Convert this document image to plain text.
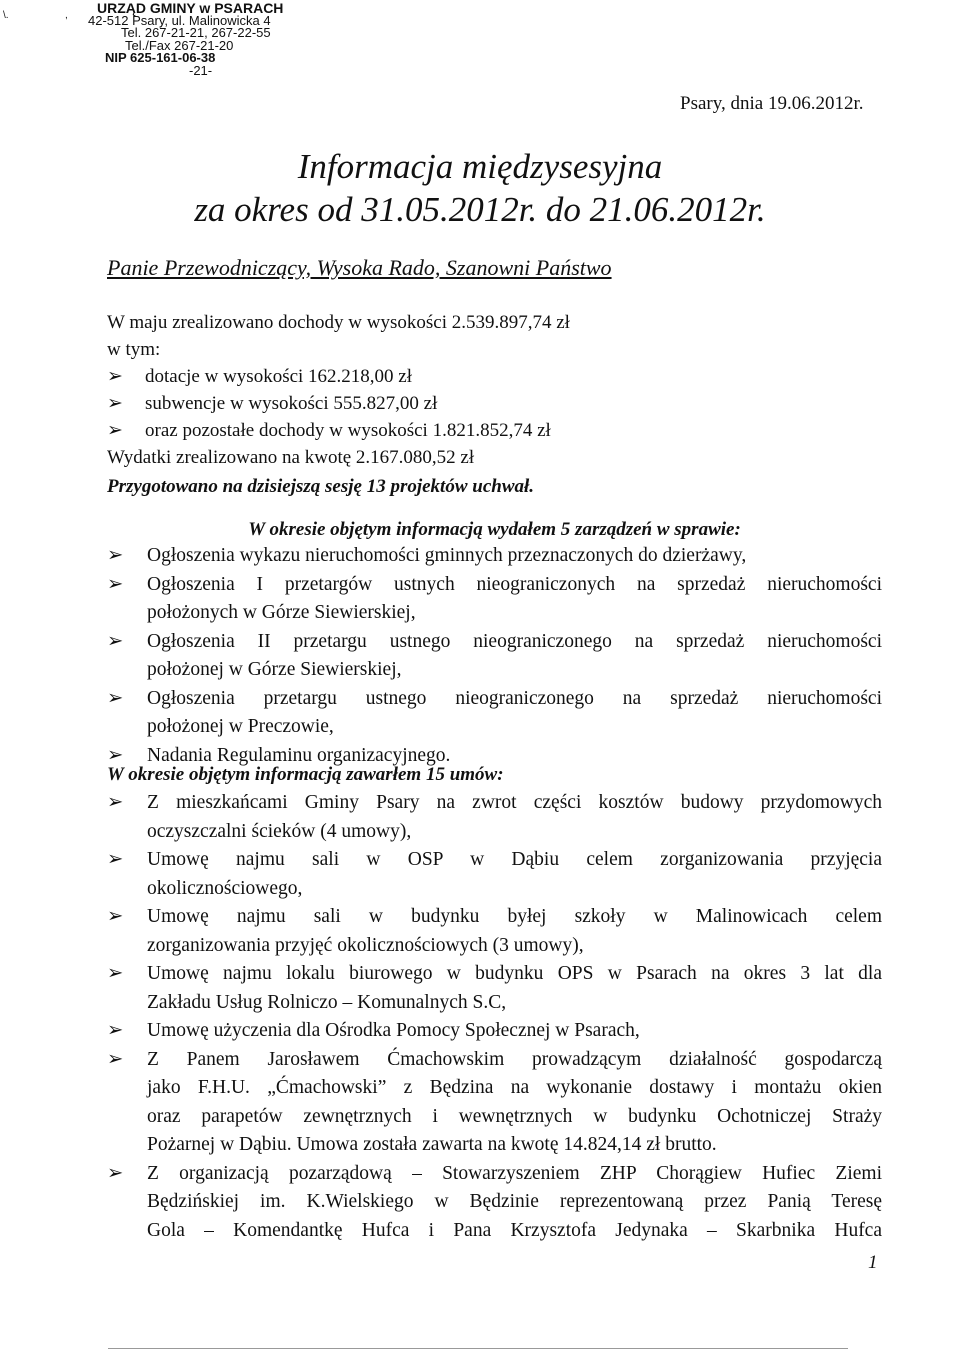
\.	,	URZĄD GMINY w PSARACH
42-512 Psary, ul. Malinowicka 4
Tel. 267-21-21, 267-22-55
Tel./Fax 267-21-20
NIP 625-161-06-38
-21-
Psary, dnia 19.06.2012r.
Informacja międzysesyjna
za okres od 31.05.2012r. do 21.06.2012r.
Panie Przewodniczący, Wysoka Rado, Szanowni Państwo

W maju zrealizowano dochody w wysokości 2.539.897,74 zł

w tym:

➢ dotacje w wysokości 162.218,00 zł

➢ subwencje w wysokości 555.827,00 zł

➢ oraz pozostałe dochody w wysokości 1.821.852,74 zł

Wydatki zrealizowano na kwotę 2.167.080,52 zł

Przygotowano na dzisiejszą sesję 13 projektów uchwał.

W okresie objętym informacją wydałem 5 zarządzeń w sprawie:

➢ Ogłoszenia wykazu nieruchomości gminnych przeznaczonych do dzierżawy,
➢ Ogłoszenia I przetargów ustnych nieograniczonych na sprzedaż nieruchomości
położonych w Górze Siewierskiej,
➢ Ogłoszenia II przetargu ustnego nieograniczonego na sprzedaż nieruchomości
położonej w Górze Siewierskiej,
➢ Ogłoszenia przetargu ustnego nieograniczonego na sprzedaż nieruchomości
położonej w Preczowie,
➢ Nadania Regulaminu organizacyjnego.

W okresie objętym informacją zawarłem 15 umów:

➢ Z mieszkańcami Gminy Psary na zwrot części kosztów budowy przydomowych
oczyszczalni ścieków (4 umowy),
➢ Umowę najmu sali w OSP w Dąbiu celem zorganizowania przyjęcia
okolicznościowego,
➢ Umowę najmu sali w budynku byłej szkoły w Malinowicach celem
zorganizowania przyjęć okolicznościowych (3 umowy),
➢ Umowę najmu lokalu biurowego w budynku OPS w Psarach na okres 3 lat dla
Zakładu Usług Rolniczo – Komunalnych S.C,
➢ Umowę użyczenia dla Ośrodka Pomocy Społecznej w Psarach,
➢ Z Panem Jarosławem Ćmachowskim prowadzącym działalność gospodarczą
jako F.H.U. „Ćmachowski” z Będzina na wykonanie dostawy i montażu okien
oraz parapetów zewnętrznych i wewnętrznych w budynku Ochotniczej Straży
Pożarnej w Dąbiu. Umowa została zawarta na kwotę 14.824,14 zł brutto.
➢ Z organizacją pozarządową – Stowarzyszeniem ZHP Chorągiew Hufiec Ziemi
Będzińskiej im. K.Wielskiego w Będzinie reprezentowaną przez Panią Teresę
Gola – Komendantkę Hufca i Pana Krzysztofa Jedynaka – Skarbnika Hufca
1
